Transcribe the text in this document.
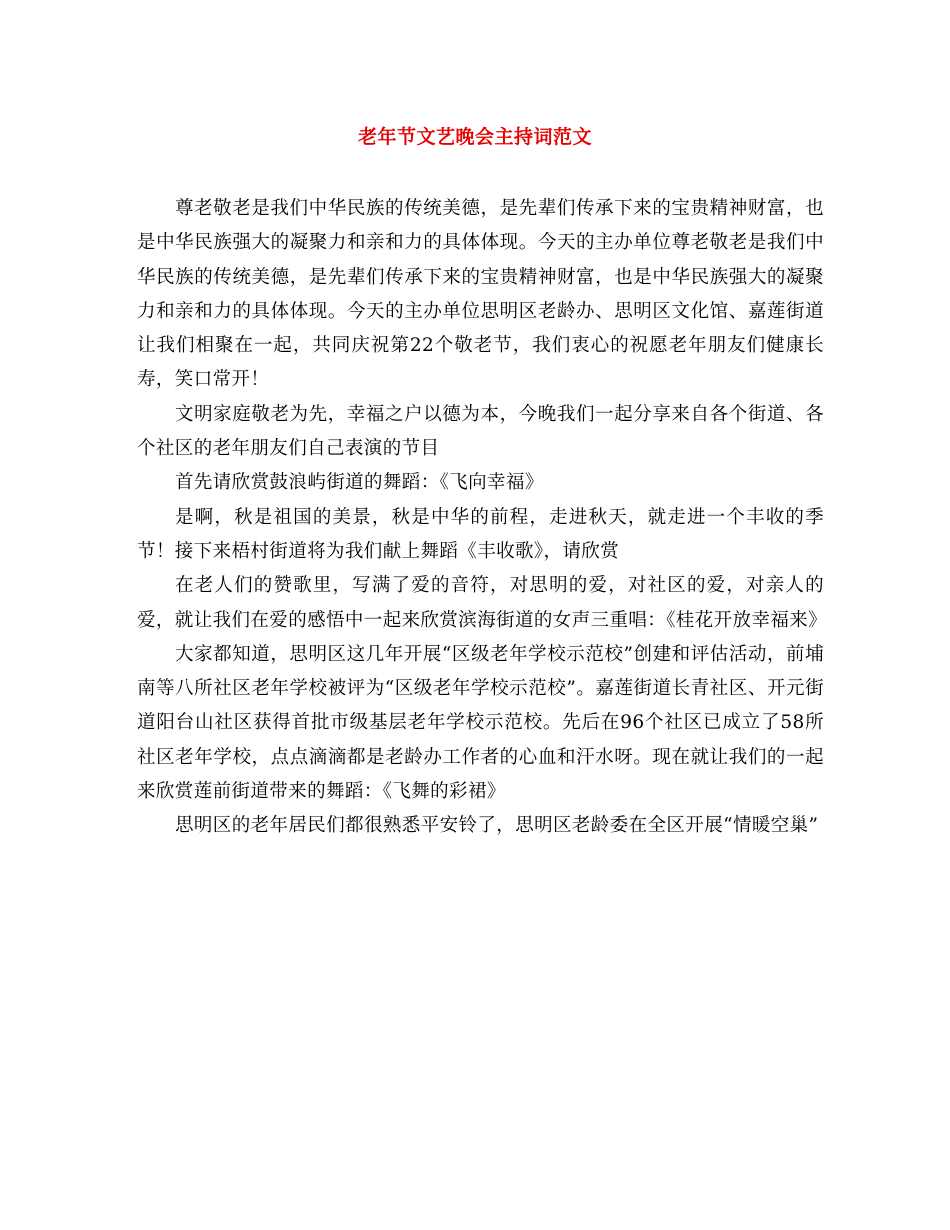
老年节文艺晚会主持词范文

尊老敬老是我们中华民族的传统美德，是先辈们传承下来的宝贵精神财富，也是中华民族强大的凝聚力和亲和力的具体体现。今天的主办单位尊老敬老是我们中华民族的传统美德，是先辈们传承下来的宝贵精神财富，也是中华民族强大的凝聚力和亲和力的具体体现。今天的主办单位思明区老龄办、思明区文化馆、嘉莲街道让我们相聚在一起，共同庆祝第22个敬老节，我们衷心的祝愿老年朋友们健康长寿，笑口常开！

文明家庭敬老为先，幸福之户以德为本，今晚我们一起分享来自各个街道、各个社区的老年朋友们自己表演的节目

首先请欣赏鼓浪屿街道的舞蹈：《飞向幸福》

是啊，秋是祖国的美景，秋是中华的前程，走进秋天，就走进一个丰收的季节！接下来梧村街道将为我们献上舞蹈《丰收歌》，请欣赏

在老人们的赞歌里，写满了爱的音符，对思明的爱，对社区的爱，对亲人的爱，就让我们在爱的感悟中一起来欣赏滨海街道的女声三重唱：《桂花开放幸福来》

大家都知道，思明区这几年开展“区级老年学校示范校”创建和评估活动，前埔南等八所社区老年学校被评为“区级老年学校示范校”。嘉莲街道长青社区、开元街道阳台山社区获得首批市级基层老年学校示范校。先后在96个社区已成立了58所社区老年学校，点点滴滴都是老龄办工作者的心血和汗水呀。现在就让我们的一起来欣赏莲前街道带来的舞蹈：《飞舞的彩裙》

思明区的老年居民们都很熟悉平安铃了，思明区老龄委在全区开展“情暖空巢”
